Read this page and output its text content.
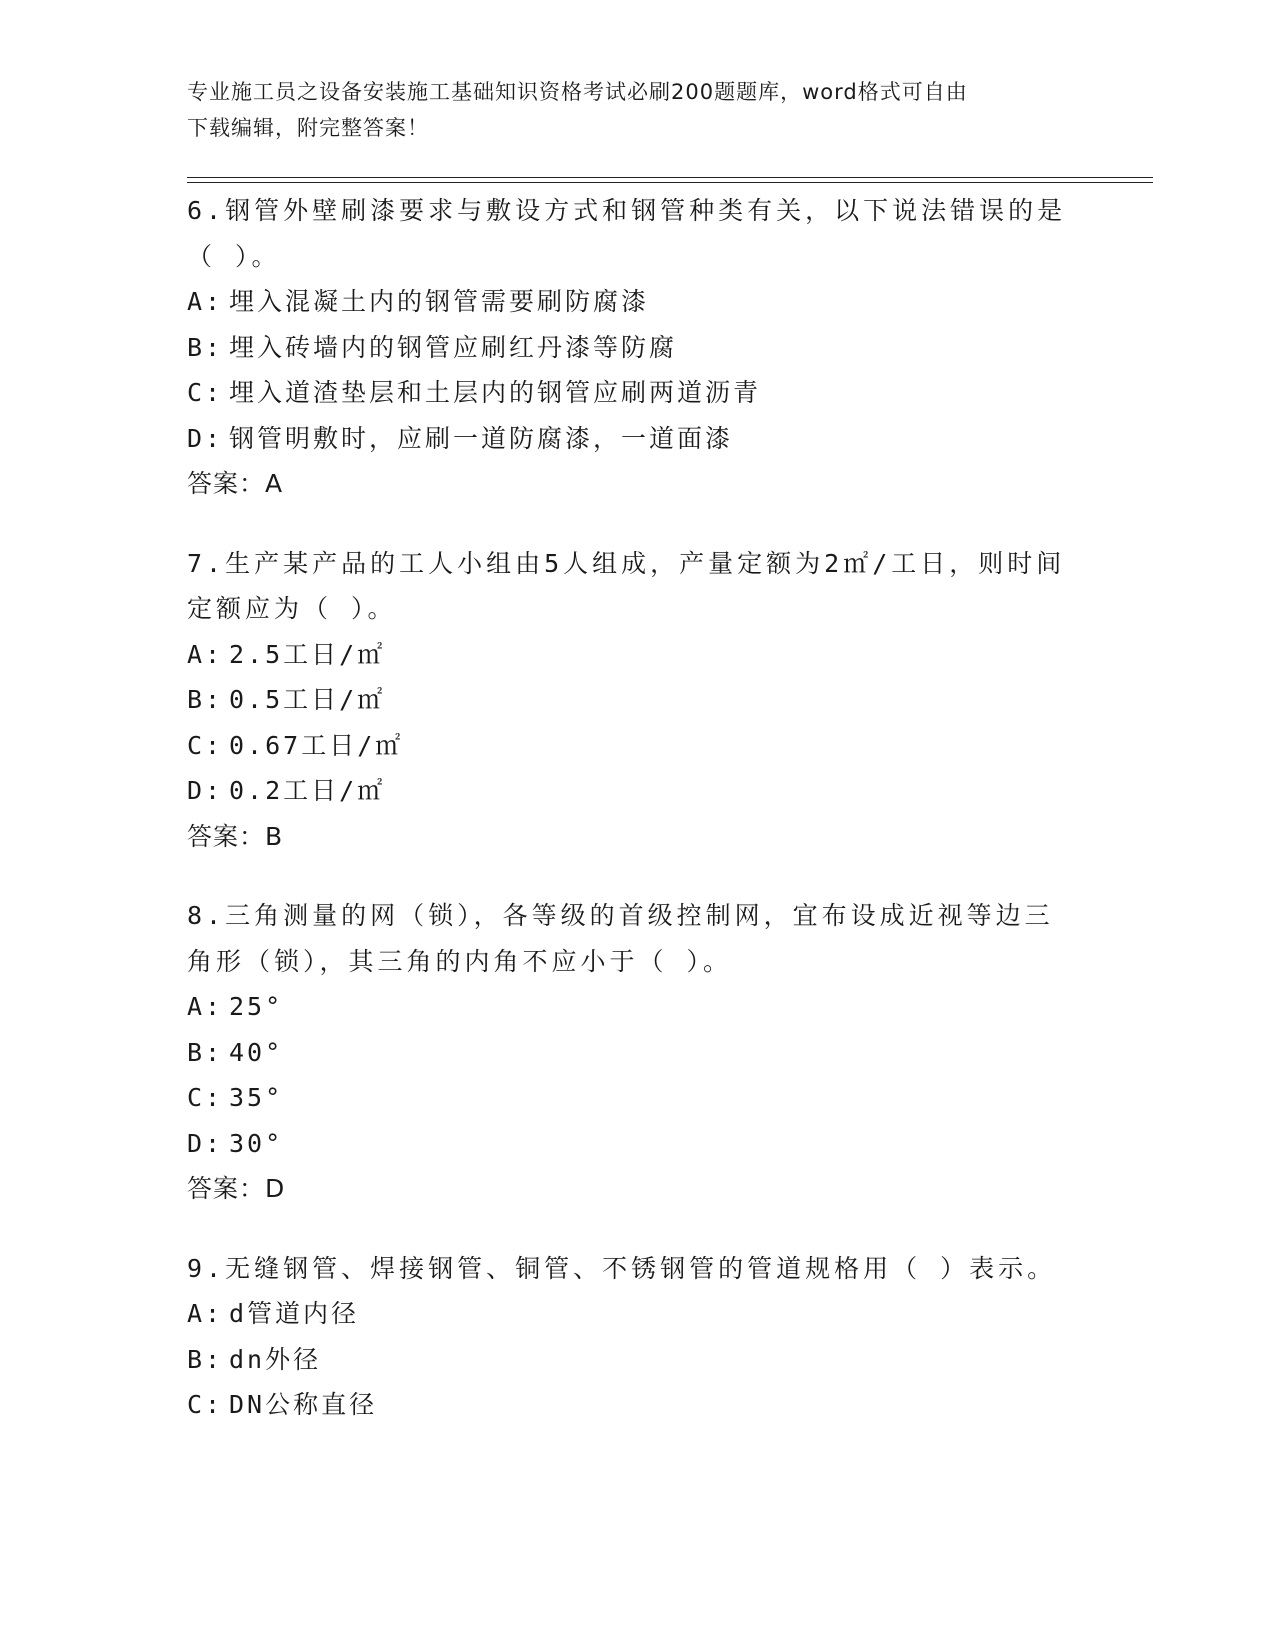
专业施工员之设备安装施工基础知识资格考试必刷200题题库，word格式可自由
下载编辑，附完整答案！

6.钢管外壁刷漆要求与敷设方式和钢管种类有关，以下说法错误的是

（ ）。

A: 埋入混凝土内的钢管需要刷防腐漆

B: 埋入砖墙内的钢管应刷红丹漆等防腐

C: 埋入道渣垫层和土层内的钢管应刷两道沥青

D: 钢管明敷时，应刷一道防腐漆，一道面漆

答案：A

7.生产某产品的工人小组由5人组成，产量定额为2㎡/工日，则时间

定额应为（ ）。

A: 2.5工日/㎡

B: 0.5工日/㎡

C: 0.67工日/㎡

D: 0.2工日/㎡

答案：B

8.三角测量的网（锁），各等级的首级控制网，宜布设成近视等边三

角形（锁），其三角的内角不应小于（ ）。

A: 25°

B: 40°

C: 35°

D: 30°

答案：D

9.无缝钢管、焊接钢管、铜管、不锈钢管的管道规格用（ ）表示。

A: d管道内径

B: dn外径

C: DN公称直径
